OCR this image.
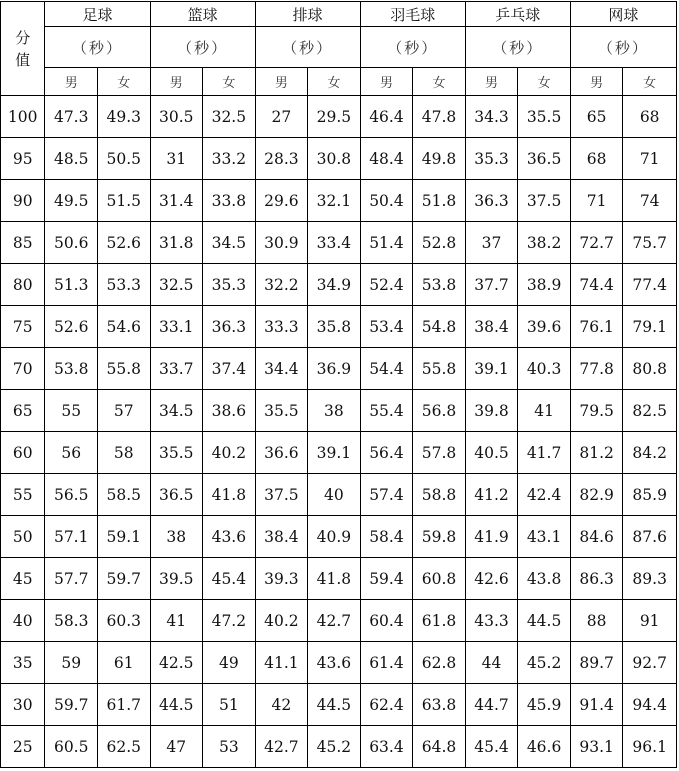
分
值	足球		篮球		排球		羽毛球		乒乓球		网球	
	（秒）		（秒）		（秒）		（秒）		（秒）		（秒）	
	男	女	男	女	男	女	男	女	男	女	男	女
100	47.3	49.3	30.5	32.5	27	29.5	46.4	47.8	34.3	35.5	65	68
95	48.5	50.5	31	33.2	28.3	30.8	48.4	49.8	35.3	36.5	68	71
90	49.5	51.5	31.4	33.8	29.6	32.1	50.4	51.8	36.3	37.5	71	74
85	50.6	52.6	31.8	34.5	30.9	33.4	51.4	52.8	37	38.2	72.7	75.7
80	51.3	53.3	32.5	35.3	32.2	34.9	52.4	53.8	37.7	38.9	74.4	77.4
75	52.6	54.6	33.1	36.3	33.3	35.8	53.4	54.8	38.4	39.6	76.1	79.1
70	53.8	55.8	33.7	37.4	34.4	36.9	54.4	55.8	39.1	40.3	77.8	80.8
65	55	57	34.5	38.6	35.5	38	55.4	56.8	39.8	41	79.5	82.5
60	56	58	35.5	40.2	36.6	39.1	56.4	57.8	40.5	41.7	81.2	84.2
55	56.5	58.5	36.5	41.8	37.5	40	57.4	58.8	41.2	42.4	82.9	85.9
50	57.1	59.1	38	43.6	38.4	40.9	58.4	59.8	41.9	43.1	84.6	87.6
45	57.7	59.7	39.5	45.4	39.3	41.8	59.4	60.8	42.6	43.8	86.3	89.3
40	58.3	60.3	41	47.2	40.2	42.7	60.4	61.8	43.3	44.5	88	91
35	59	61	42.5	49	41.1	43.6	61.4	62.8	44	45.2	89.7	92.7
30	59.7	61.7	44.5	51	42	44.5	62.4	63.8	44.7	45.9	91.4	94.4
25	60.5	62.5	47	53	42.7	45.2	63.4	64.8	45.4	46.6	93.1	96.1
